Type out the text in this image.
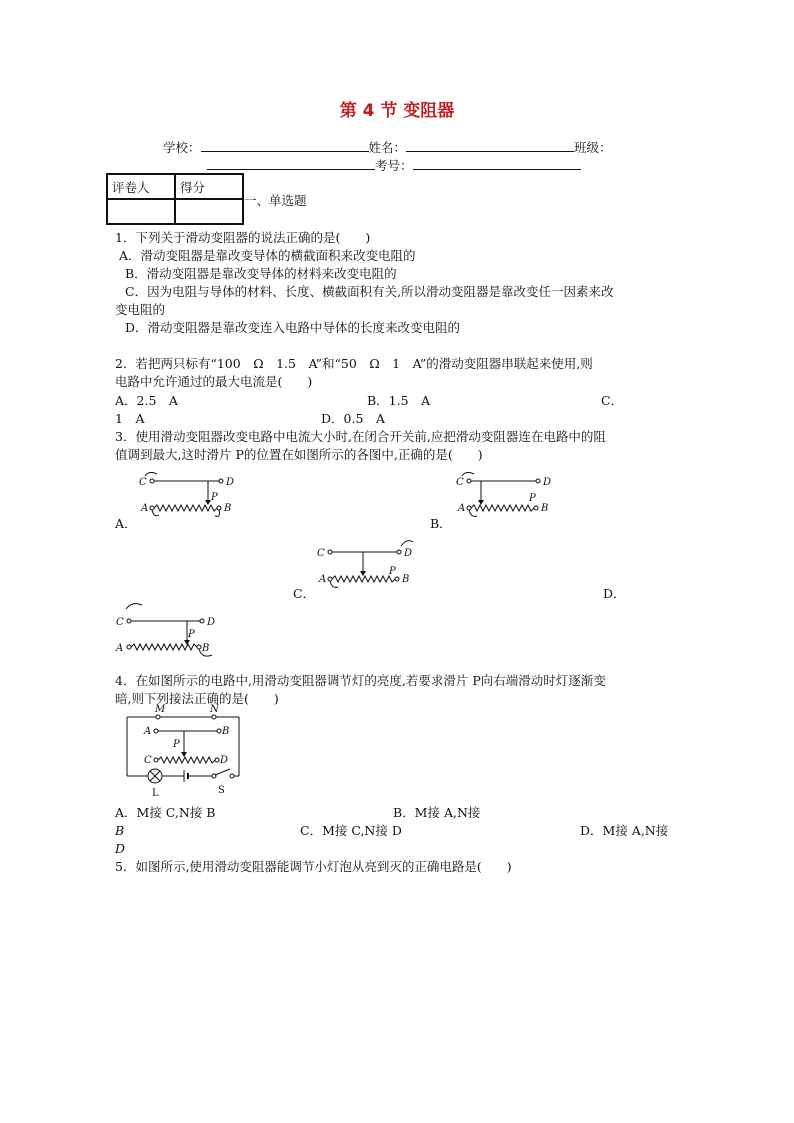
第 4 节 变阻器
学校：	姓名：	班级：
考号：
评卷人	得分

一、单选题
1．下列关于滑动变阻器的说法正确的是(　　)
A．滑动变阻器是靠改变导体的横截面积来改变电阻的
B．滑动变阻器是靠改变导体的材料来改变电阻的
C．因为电阻与导体的材料、长度、横截面积有关,所以滑动变阻器是靠改变任一因素来改
变电阻的
D．滑动变阻器是靠改变连入电路中导体的长度来改变电阻的
2．若把两只标有“100　Ω　1.5　A”和“50　Ω　1　A”的滑动变阻器串联起来使用,则
电路中允许通过的最大电流是(　　)
A．2.5　A	B．1.5　A	C．
1　A	D．0.5　A
3．使用滑动变阻器改变电路中电流大小时,在闭合开关前,应把滑动变阻器连在电路中的阻
值调到最大,这时滑片 P的位置在如图所示的各图中,正确的是(　　)
A．	B．
C．	D．
C	D
P
A	B
C	D
P
A	B
C	D
P
A	B
C	D
P
A	B
4．在如图所示的电路中,用滑动变阻器调节灯的亮度,若要求滑片 P向右端滑动时灯逐渐变
暗,则下列接法正确的是(　　)
M	N
A	B
P
C	D
L	S
A．M接 C,N接 B	B．M接 A,N接
B	C．M接 C,N接 D	D．M接 A,N接
D
5．如图所示,使用滑动变阻器能调节小灯泡从亮到灭的正确电路是(　　)
